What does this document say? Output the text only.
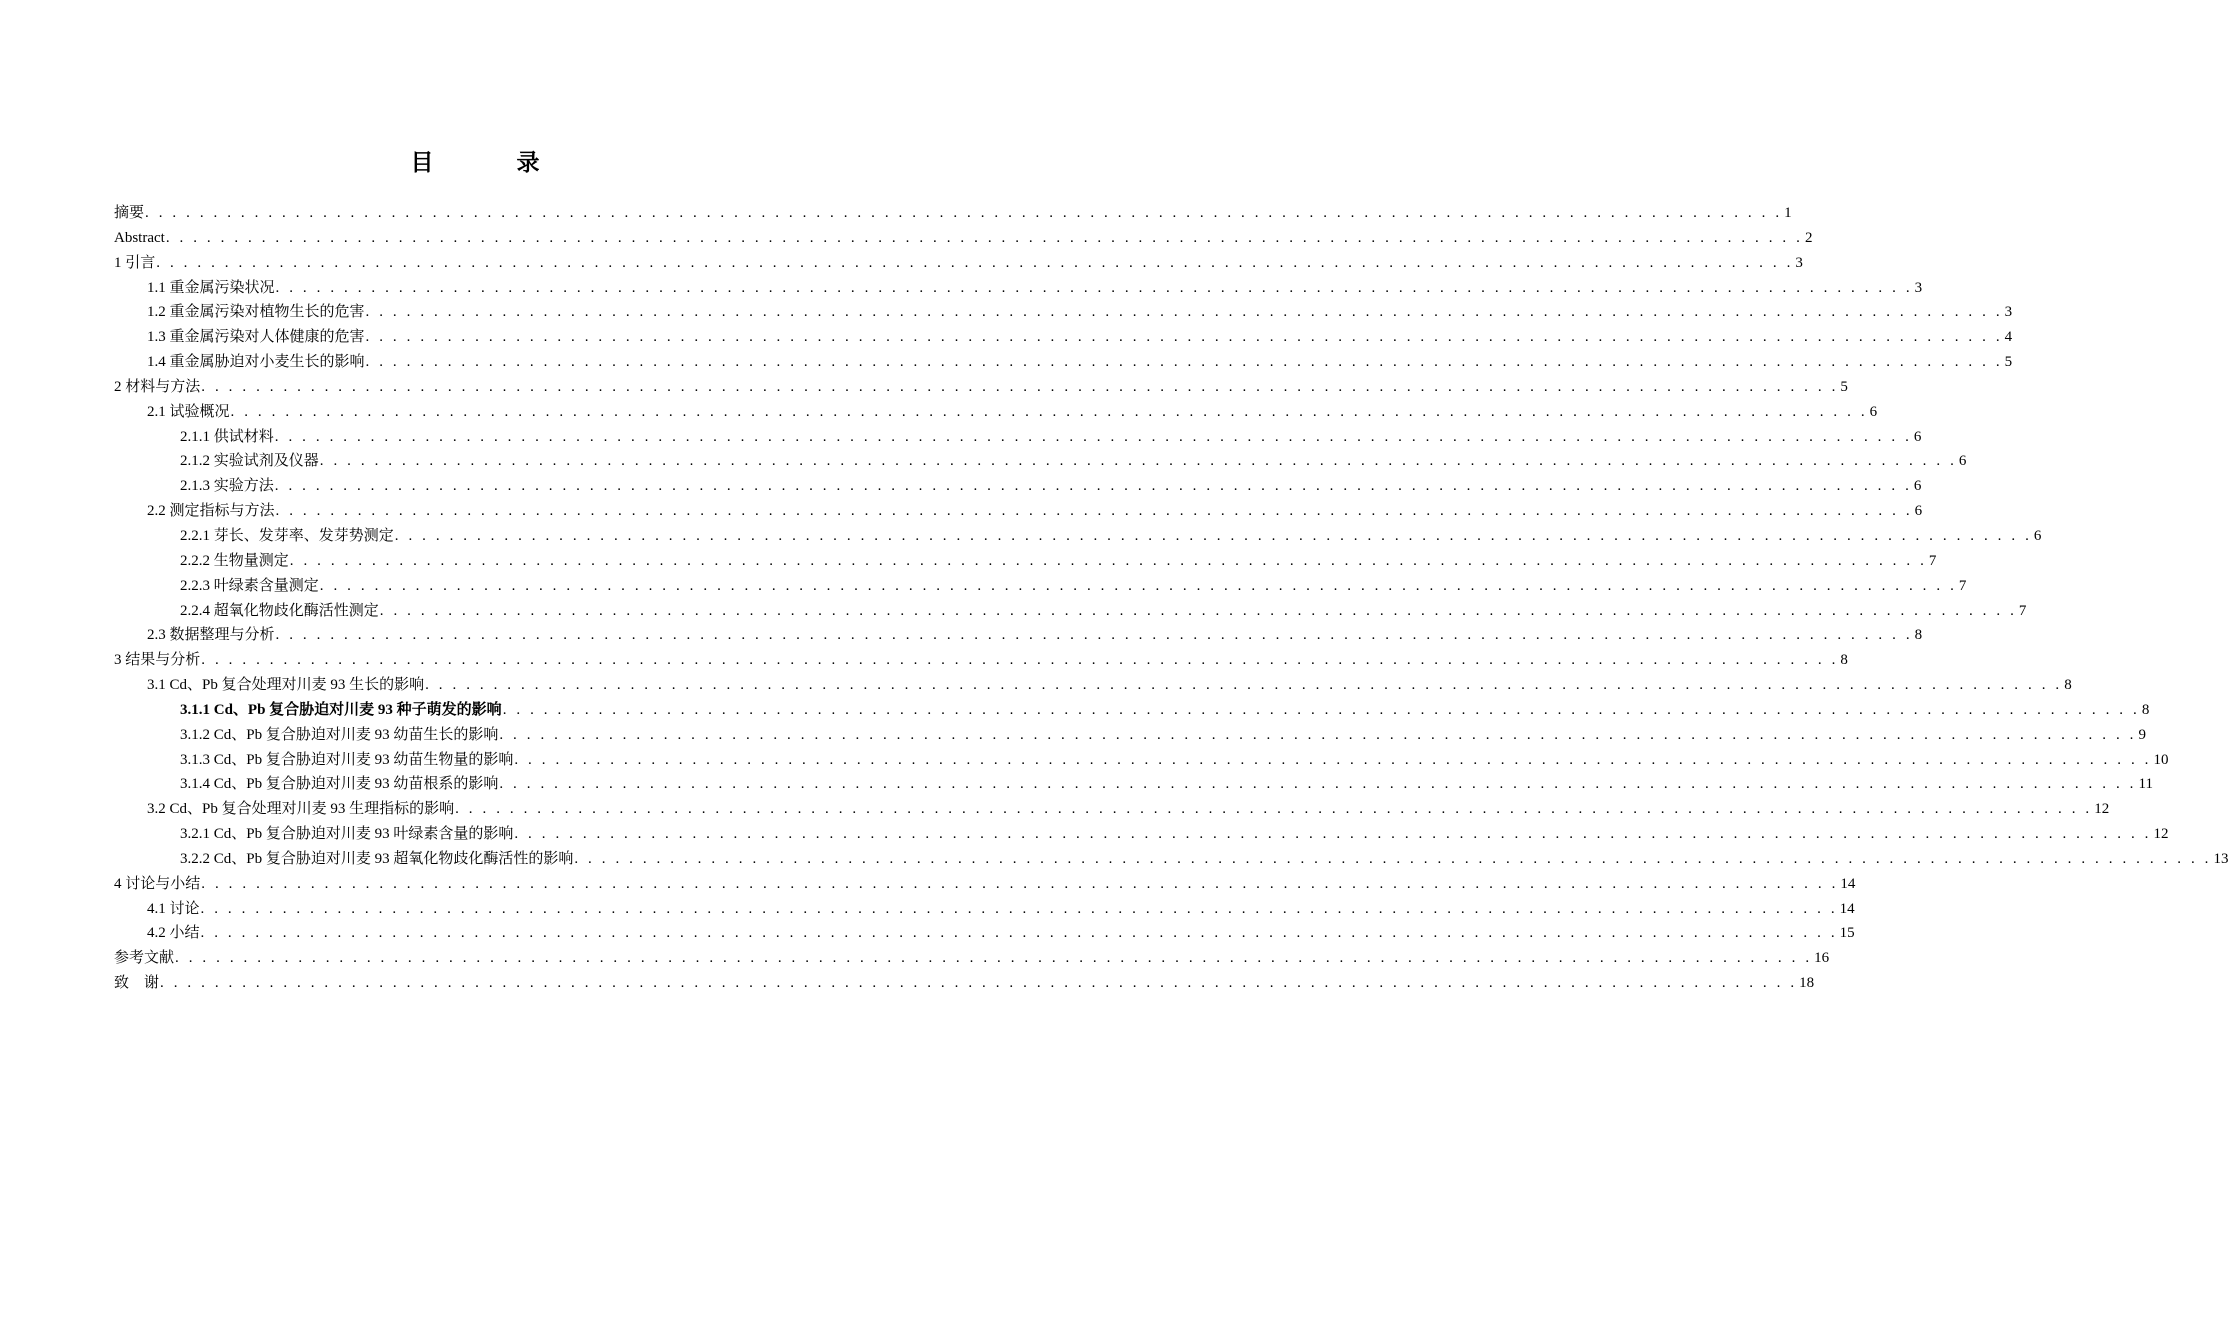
目　录
摘要 . . . . . . . . . . . . . . . . . . . . . . . . . . . . . . . . . . . . . . . . . . . . . . . . . . . . . . . . . . . . . . . . . . . . . . . . . . . . . . . . . . . . . . . . . . . . . . . . . . . . . . . . . . . . . . . . . . . . . . . . 1
Abstract . . . . . . . . . . . . . . . . . . . . . . . . . . . . . . . . . . . . . . . . . . . . . . . . . . . . . . . . . . . . . . . . . . . . . . . . . . . . . . . . . . . . . . . . . . . . . . . . . . . . . . . . . . . . . . . . . . . . . . . . 2
1 引言 . . . . . . . . . . . . . . . . . . . . . . . . . . . . . . . . . . . . . . . . . . . . . . . . . . . . . . . . . . . . . . . . . . . . . . . . . . . . . . . . . . . . . . . . . . . . . . . . . . . . . . . . . . . . . . . . . . . . . . . . 3
1.1 重金属污染状况 . . . . . . . . . . . . . . . . . . . . . . . . . . . . . . . . . . . . . . . . . . . . . . . . . . . . . . . . . . . . . . . . . . . . . . . . . . . . . . . . . . . . . . . . . . . . . . . . . . . . . . . . . . . . . . . . . . . . . . . . 3
1.2 重金属污染对植物生长的危害 . . . . . . . . . . . . . . . . . . . . . . . . . . . . . . . . . . . . . . . . . . . . . . . . . . . . . . . . . . . . . . . . . . . . . . . . . . . . . . . . . . . . . . . . . . . . . . . . . . . . . . . . . . . . . . . . . . . . . . . . 3
1.3 重金属污染对人体健康的危害 . . . . . . . . . . . . . . . . . . . . . . . . . . . . . . . . . . . . . . . . . . . . . . . . . . . . . . . . . . . . . . . . . . . . . . . . . . . . . . . . . . . . . . . . . . . . . . . . . . . . . . . . . . . . . . . . . . . . . . . . 4
1.4 重金属胁迫对小麦生长的影响 . . . . . . . . . . . . . . . . . . . . . . . . . . . . . . . . . . . . . . . . . . . . . . . . . . . . . . . . . . . . . . . . . . . . . . . . . . . . . . . . . . . . . . . . . . . . . . . . . . . . . . . . . . . . . . . . . . . . . . . . 5
2 材料与方法 . . . . . . . . . . . . . . . . . . . . . . . . . . . . . . . . . . . . . . . . . . . . . . . . . . . . . . . . . . . . . . . . . . . . . . . . . . . . . . . . . . . . . . . . . . . . . . . . . . . . . . . . . . . . . . . . . . . . . . . . 5
2.1 试验概况 . . . . . . . . . . . . . . . . . . . . . . . . . . . . . . . . . . . . . . . . . . . . . . . . . . . . . . . . . . . . . . . . . . . . . . . . . . . . . . . . . . . . . . . . . . . . . . . . . . . . . . . . . . . . . . . . . . . . . . . . 6
2.1.1 供试材料 . . . . . . . . . . . . . . . . . . . . . . . . . . . . . . . . . . . . . . . . . . . . . . . . . . . . . . . . . . . . . . . . . . . . . . . . . . . . . . . . . . . . . . . . . . . . . . . . . . . . . . . . . . . . . . . . . . . . . . . . 6
2.1.2 实验试剂及仪器 . . . . . . . . . . . . . . . . . . . . . . . . . . . . . . . . . . . . . . . . . . . . . . . . . . . . . . . . . . . . . . . . . . . . . . . . . . . . . . . . . . . . . . . . . . . . . . . . . . . . . . . . . . . . . . . . . . . . . . . . 6
2.1.3 实验方法 . . . . . . . . . . . . . . . . . . . . . . . . . . . . . . . . . . . . . . . . . . . . . . . . . . . . . . . . . . . . . . . . . . . . . . . . . . . . . . . . . . . . . . . . . . . . . . . . . . . . . . . . . . . . . . . . . . . . . . . . 6
2.2 测定指标与方法 . . . . . . . . . . . . . . . . . . . . . . . . . . . . . . . . . . . . . . . . . . . . . . . . . . . . . . . . . . . . . . . . . . . . . . . . . . . . . . . . . . . . . . . . . . . . . . . . . . . . . . . . . . . . . . . . . . . . . . . . 6
2.2.1 芽长、发芽率、发芽势测定 . . . . . . . . . . . . . . . . . . . . . . . . . . . . . . . . . . . . . . . . . . . . . . . . . . . . . . . . . . . . . . . . . . . . . . . . . . . . . . . . . . . . . . . . . . . . . . . . . . . . . . . . . . . . . . . . . . . . . . . . 6
2.2.2 生物量测定 . . . . . . . . . . . . . . . . . . . . . . . . . . . . . . . . . . . . . . . . . . . . . . . . . . . . . . . . . . . . . . . . . . . . . . . . . . . . . . . . . . . . . . . . . . . . . . . . . . . . . . . . . . . . . . . . . . . . . . . . 7
2.2.3 叶绿素含量测定 . . . . . . . . . . . . . . . . . . . . . . . . . . . . . . . . . . . . . . . . . . . . . . . . . . . . . . . . . . . . . . . . . . . . . . . . . . . . . . . . . . . . . . . . . . . . . . . . . . . . . . . . . . . . . . . . . . . . . . . . 7
2.2.4 超氧化物歧化酶活性测定 . . . . . . . . . . . . . . . . . . . . . . . . . . . . . . . . . . . . . . . . . . . . . . . . . . . . . . . . . . . . . . . . . . . . . . . . . . . . . . . . . . . . . . . . . . . . . . . . . . . . . . . . . . . . . . . . . . . . . . . . 7
2.3 数据整理与分析 . . . . . . . . . . . . . . . . . . . . . . . . . . . . . . . . . . . . . . . . . . . . . . . . . . . . . . . . . . . . . . . . . . . . . . . . . . . . . . . . . . . . . . . . . . . . . . . . . . . . . . . . . . . . . . . . . . . . . . . . 8
3 结果与分析 . . . . . . . . . . . . . . . . . . . . . . . . . . . . . . . . . . . . . . . . . . . . . . . . . . . . . . . . . . . . . . . . . . . . . . . . . . . . . . . . . . . . . . . . . . . . . . . . . . . . . . . . . . . . . . . . . . . . . . . . 8
3.1 Cd、Pb 复合处理对川麦 93 生长的影响 . . . . . . . . . . . . . . . . . . . . . . . . . . . . . . . . . . . . . . . . . . . . . . . . . . . . . . . . . . . . . . . . . . . . . . . . . . . . . . . . . . . . . . . . . . . . . . . . . . . . . . . . . . . . . . . . . . . . . . . . 8
3.1.1 Cd、Pb 复合胁迫对川麦 93 种子萌发的影响 . . . . . . . . . . . . . . . . . . . . . . . . . . . . . . . . . . . . . . . . . . . . . . . . . . . . . . . . . . . . . . . . . . . . . . . . . . . . . . . . . . . . . . . . . . . . . . . . . . . . . . . . . . . . . . . . . . . . . . . . 8
3.1.2 Cd、Pb 复合胁迫对川麦 93 幼苗生长的影响 . . . . . . . . . . . . . . . . . . . . . . . . . . . . . . . . . . . . . . . . . . . . . . . . . . . . . . . . . . . . . . . . . . . . . . . . . . . . . . . . . . . . . . . . . . . . . . . . . . . . . . . . . . . . . . . . . . . . . . . . 9
3.1.3 Cd、Pb 复合胁迫对川麦 93 幼苗生物量的影响 . . . . . . . . . . . . . . . . . . . . . . . . . . . . . . . . . . . . . . . . . . . . . . . . . . . . . . . . . . . . . . . . . . . . . . . . . . . . . . . . . . . . . . . . . . . . . . . . . . . . . . . . . . . . . . . . . . . . . . . . 10
3.1.4 Cd、Pb 复合胁迫对川麦 93 幼苗根系的影响 . . . . . . . . . . . . . . . . . . . . . . . . . . . . . . . . . . . . . . . . . . . . . . . . . . . . . . . . . . . . . . . . . . . . . . . . . . . . . . . . . . . . . . . . . . . . . . . . . . . . . . . . . . . . . . . . . . . . . . . . 11
3.2 Cd、Pb 复合处理对川麦 93 生理指标的影响 . . . . . . . . . . . . . . . . . . . . . . . . . . . . . . . . . . . . . . . . . . . . . . . . . . . . . . . . . . . . . . . . . . . . . . . . . . . . . . . . . . . . . . . . . . . . . . . . . . . . . . . . . . . . . . . . . . . . . . . . 12
3.2.1 Cd、Pb 复合胁迫对川麦 93 叶绿素含量的影响 . . . . . . . . . . . . . . . . . . . . . . . . . . . . . . . . . . . . . . . . . . . . . . . . . . . . . . . . . . . . . . . . . . . . . . . . . . . . . . . . . . . . . . . . . . . . . . . . . . . . . . . . . . . . . . . . . . . . . . . . 12
3.2.2 Cd、Pb 复合胁迫对川麦 93 超氧化物歧化酶活性的影响 . . . . . . . . . . . . . . . . . . . . . . . . . . . . . . . . . . . . . . . . . . . . . . . . . . . . . . . . . . . . . . . . . . . . . . . . . . . . . . . . . . . . . . . . . . . . . . . . . . . . . . . . . . . . . . . . . . . . . . . . 13
4 讨论与小结 . . . . . . . . . . . . . . . . . . . . . . . . . . . . . . . . . . . . . . . . . . . . . . . . . . . . . . . . . . . . . . . . . . . . . . . . . . . . . . . . . . . . . . . . . . . . . . . . . . . . . . . . . . . . . . . . . . . . . . . . 14
4.1 讨论 . . . . . . . . . . . . . . . . . . . . . . . . . . . . . . . . . . . . . . . . . . . . . . . . . . . . . . . . . . . . . . . . . . . . . . . . . . . . . . . . . . . . . . . . . . . . . . . . . . . . . . . . . . . . . . . . . . . . . . . . 14
4.2 小结 . . . . . . . . . . . . . . . . . . . . . . . . . . . . . . . . . . . . . . . . . . . . . . . . . . . . . . . . . . . . . . . . . . . . . . . . . . . . . . . . . . . . . . . . . . . . . . . . . . . . . . . . . . . . . . . . . . . . . . . . 15
参考文献 . . . . . . . . . . . . . . . . . . . . . . . . . . . . . . . . . . . . . . . . . . . . . . . . . . . . . . . . . . . . . . . . . . . . . . . . . . . . . . . . . . . . . . . . . . . . . . . . . . . . . . . . . . . . . . . . . . . . . . . . 16
致　谢 . . . . . . . . . . . . . . . . . . . . . . . . . . . . . . . . . . . . . . . . . . . . . . . . . . . . . . . . . . . . . . . . . . . . . . . . . . . . . . . . . . . . . . . . . . . . . . . . . . . . . . . . . . . . . . . . . . . . . . . . 18
